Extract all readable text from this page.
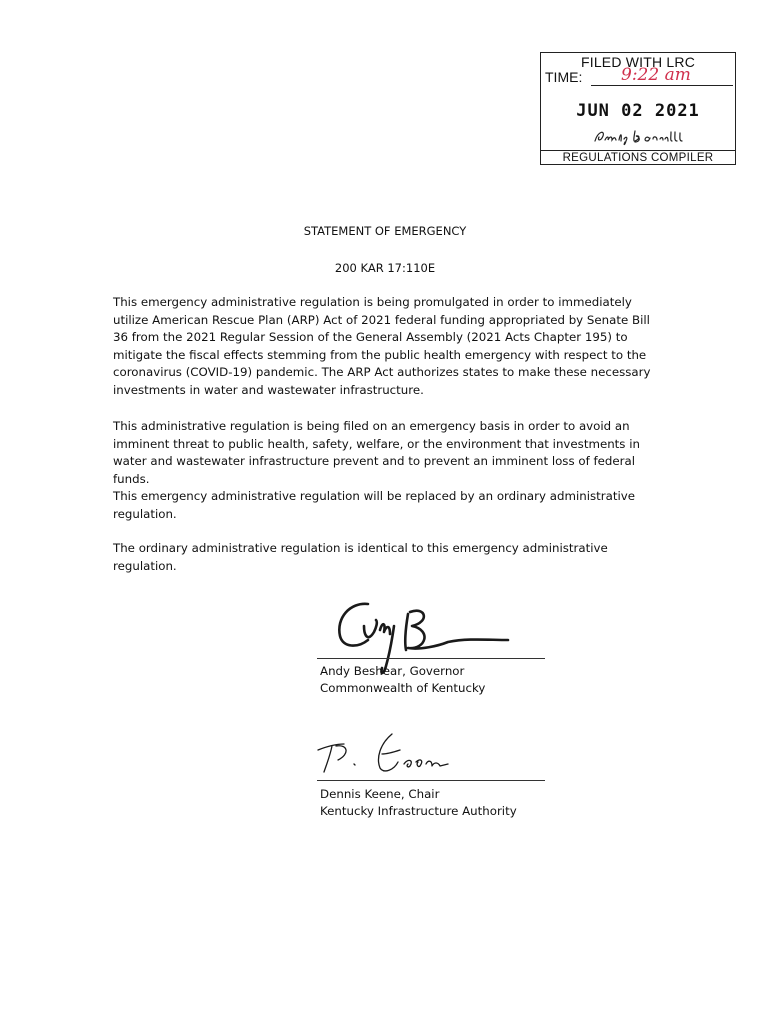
FILED WITH LRC
TIME: 9:22 am
JUN 02 2021
REGULATIONS COMPILER
STATEMENT OF EMERGENCY
200 KAR 17:110E

This emergency administrative regulation is being promulgated in order to immediately utilize American Rescue Plan (ARP) Act of 2021 federal funding appropriated by Senate Bill 36 from the 2021 Regular Session of the General Assembly (2021 Acts Chapter 195) to mitigate the fiscal effects stemming from the public health emergency with respect to the coronavirus (COVID-19) pandemic. The ARP Act authorizes states to make these necessary investments in water and wastewater infrastructure.

This administrative regulation is being filed on an emergency basis in order to avoid an imminent threat to public health, safety, welfare, or the environment that investments in water and wastewater infrastructure prevent and to prevent an imminent loss of federal funds.

This emergency administrative regulation will be replaced by an ordinary administrative regulation.

The ordinary administrative regulation is identical to this emergency administrative regulation.

Andy Beshear, Governor
Commonwealth of Kentucky
Dennis Keene, Chair
Kentucky Infrastructure Authority
